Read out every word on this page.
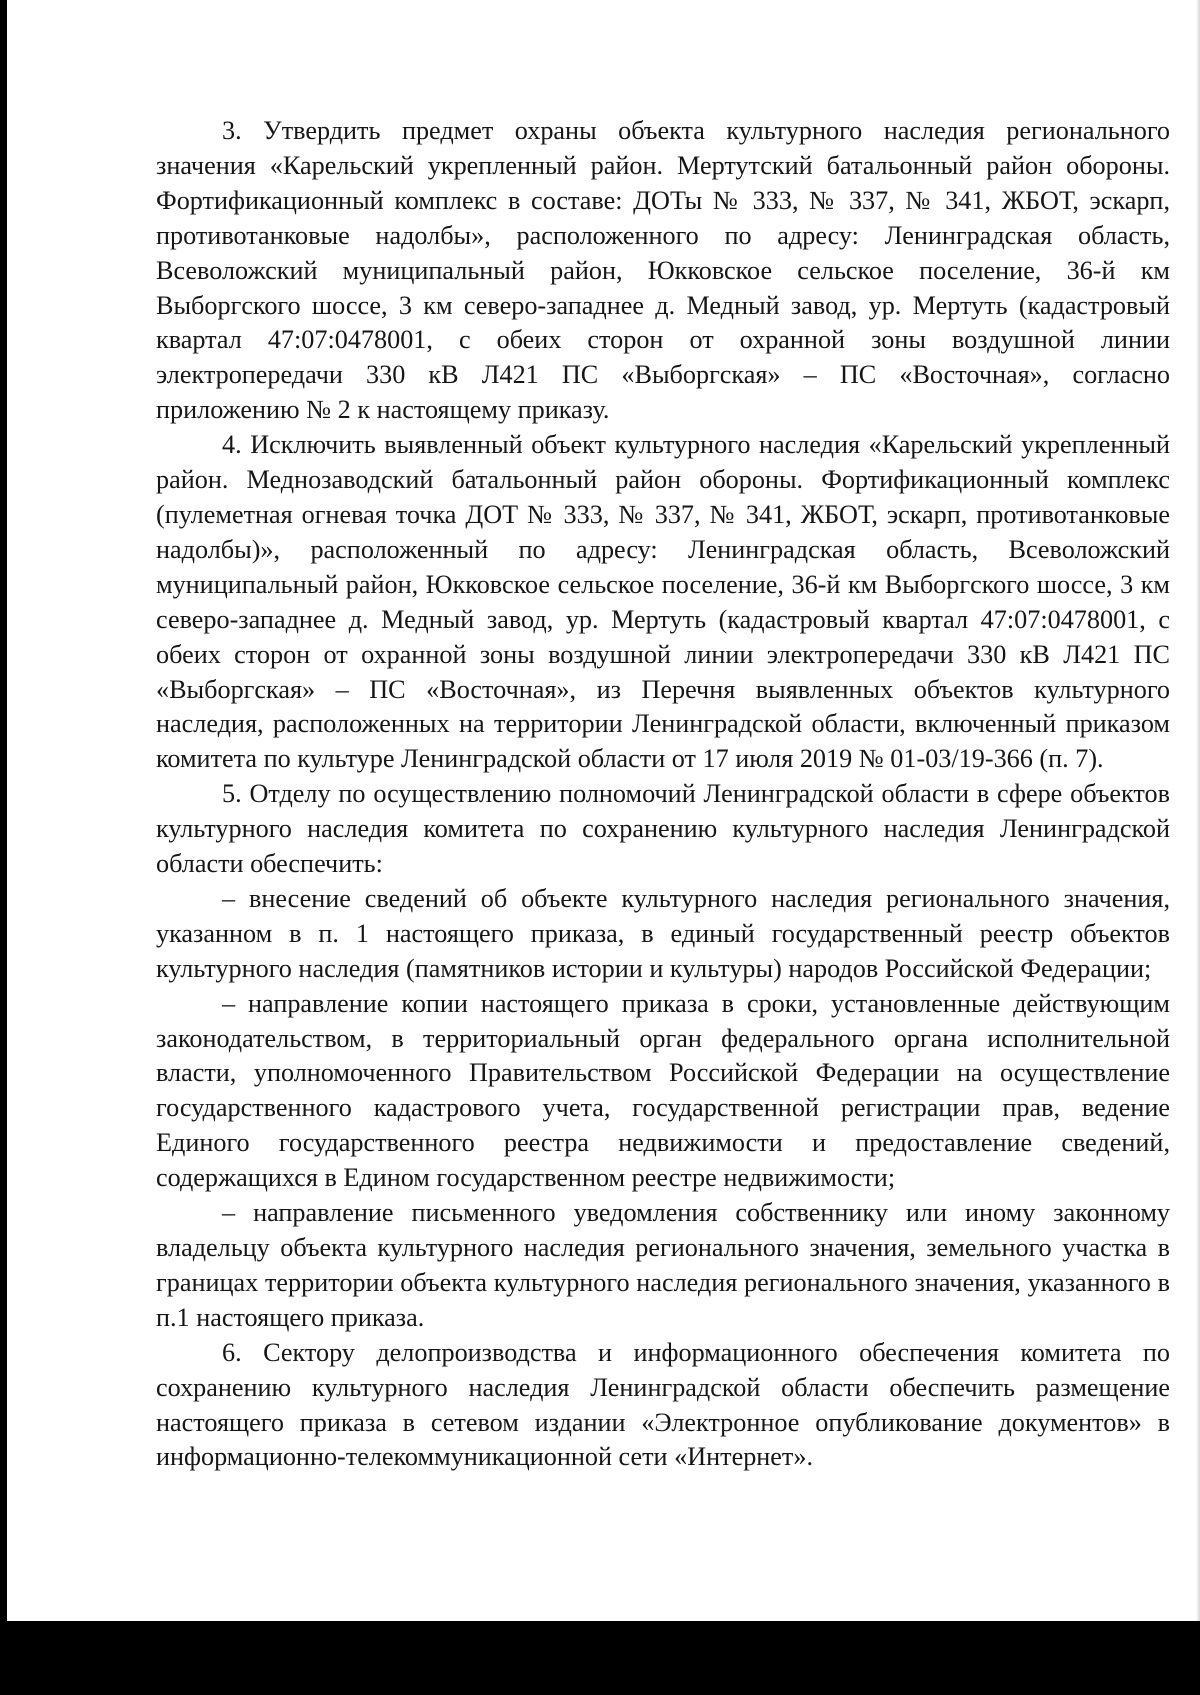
3. Утвердить предмет охраны объекта культурного наследия регионального значения «Карельский укрепленный район. Мертутский батальонный район обороны. Фортификационный комплекс в составе: ДОТы № 333, № 337, № 341, ЖБОТ, эскарп, противотанковые надолбы», расположенного по адресу: Ленинградская область, Всеволожский муниципальный район, Юкковское сельское поселение, 36-й км Выборгского шоссе, 3 км северо-западнее д. Медный завод, ур. Мертуть (кадастровый квартал 47:07:0478001, с обеих сторон от охранной зоны воздушной линии электропередачи 330 кВ Л421 ПС «Выборгская» – ПС «Восточная», согласно приложению № 2 к настоящему приказу.

4. Исключить выявленный объект культурного наследия «Карельский укрепленный район. Меднозаводский батальонный район обороны. Фортификационный комплекс (пулеметная огневая точка ДОТ № 333, № 337, № 341, ЖБОТ, эскарп, противотанковые надолбы)», расположенный по адресу: Ленинградская область, Всеволожский муниципальный район, Юкковское сельское поселение, 36-й км Выборгского шоссе, 3 км северо-западнее д. Медный завод, ур. Мертуть (кадастровый квартал 47:07:0478001, с обеих сторон от охранной зоны воздушной линии электропередачи 330 кВ Л421 ПС «Выборгская» – ПС «Восточная», из Перечня выявленных объектов культурного наследия, расположенных на территории Ленинградской области, включенный приказом комитета по культуре Ленинградской области от 17 июля 2019 № 01-03/19-366 (п. 7).

5. Отделу по осуществлению полномочий Ленинградской области в сфере объектов культурного наследия комитета по сохранению культурного наследия Ленинградской области обеспечить:

– внесение сведений об объекте культурного наследия регионального значения, указанном в п. 1 настоящего приказа, в единый государственный реестр объектов культурного наследия (памятников истории и культуры) народов Российской Федерации;

– направление копии настоящего приказа в сроки, установленные действующим законодательством, в территориальный орган федерального органа исполнительной власти, уполномоченного Правительством Российской Федерации на осуществление государственного кадастрового учета, государственной регистрации прав, ведение Единого государственного реестра недвижимости и предоставление сведений, содержащихся в Едином государственном реестре недвижимости;

– направление письменного уведомления собственнику или иному законному владельцу объекта культурного наследия регионального значения, земельного участка в границах территории объекта культурного наследия регионального значения, указанного в п.1 настоящего приказа.

6. Сектору делопроизводства и информационного обеспечения комитета по сохранению культурного наследия Ленинградской области обеспечить размещение настоящего приказа в сетевом издании «Электронное опубликование документов» в информационно-телекоммуникационной сети «Интернет».
